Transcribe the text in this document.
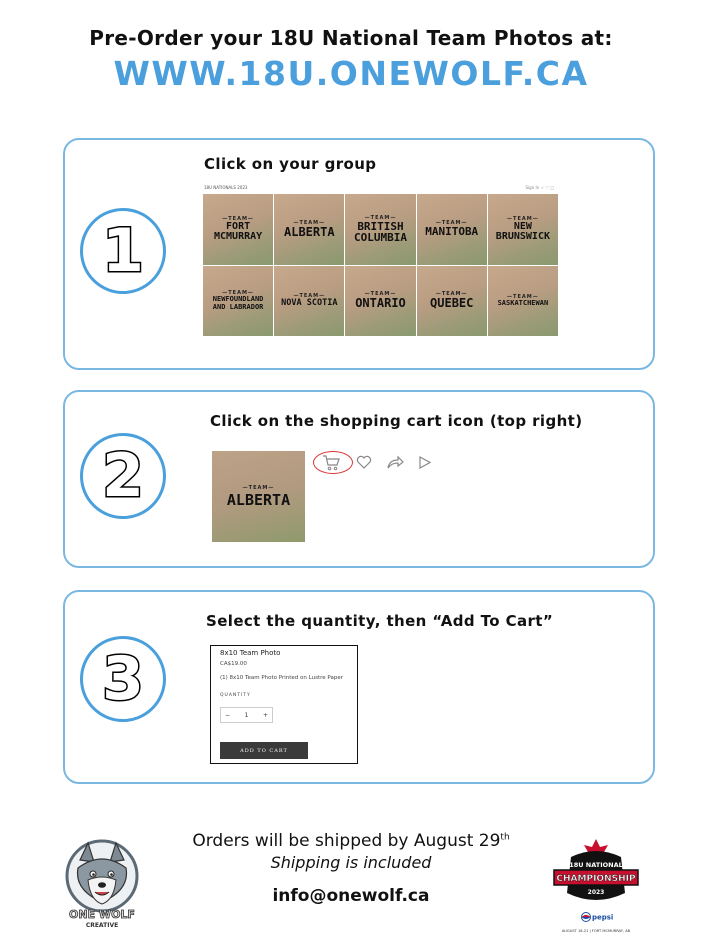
Pre-Order your 18U National Team Photos at:
WWW.18U.ONEWOLF.CA
1
Click on your group
18U NATIONALS 2023	Sign In ☆ ♡ ▢
—TEAM—
FORT
MCMURRAY
—TEAM—
ALBERTA
—TEAM—
BRITISH
COLUMBIA
—TEAM—
MANITOBA
—TEAM—
NEW
BRUNSWICK
—TEAM—
NEWFOUNDLAND
AND LABRADOR
—TEAM—
NOVA SCOTIA
—TEAM—
ONTARIO
—TEAM—
QUEBEC	—TEAM—
SASKATCHEWAN
2
Click on the shopping cart icon (top right)
—TEAM—
ALBERTA
3
Select the quantity, then “Add To Cart”
8x10 Team Photo
CA$19.00
(1) 8x10 Team Photo Printed on Lustre Paper
QUANTITY
− 1 +
ADD TO CART
Orders will be shipped by August 29th
Shipping is included
info@onewolf.ca
ONE WOLF
CREATIVE
18U NATIONAL
CHAMPIONSHIP
2023
pepsi
AUGUST 16-21 | FORT MCMURRAY, AB
